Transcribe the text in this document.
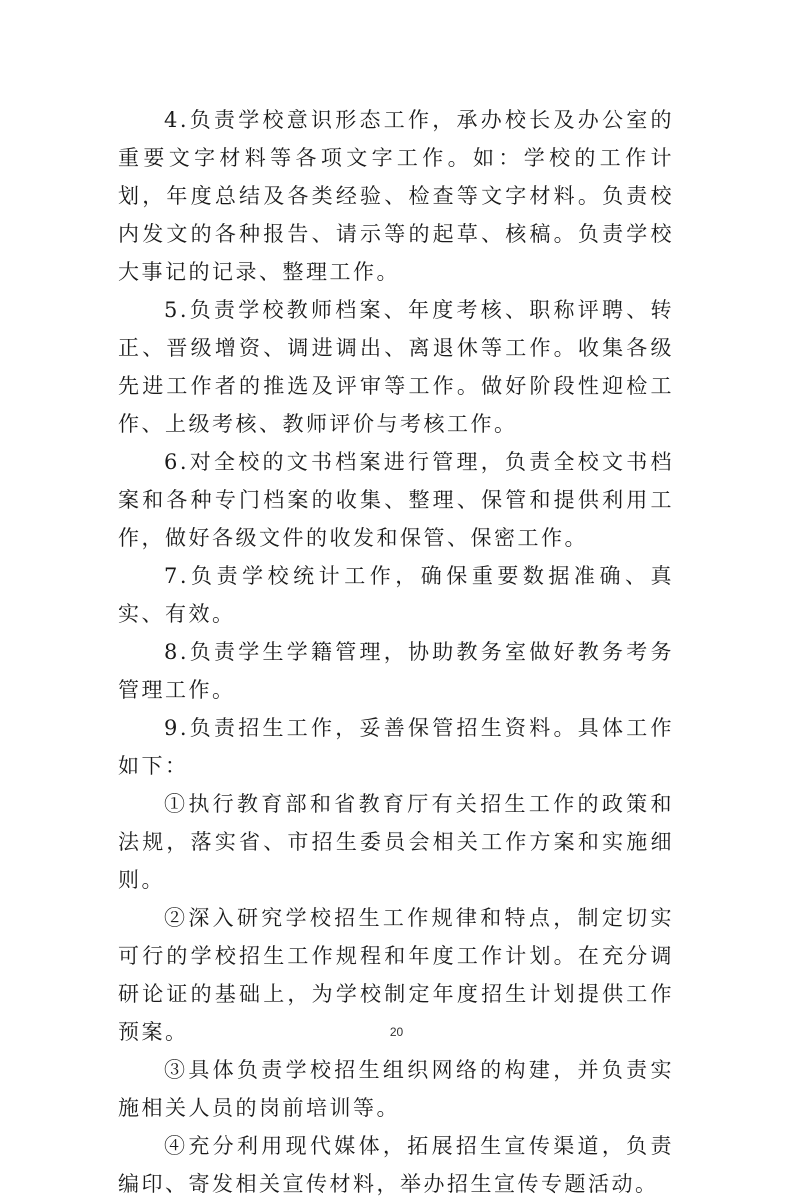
4.负责学校意识形态工作，承办校长及办公室的重要文字材料等各项文字工作。如：学校的工作计划，年度总结及各类经验、检查等文字材料。负责校内发文的各种报告、请示等的起草、核稿。负责学校大事记的记录、整理工作。

5.负责学校教师档案、年度考核、职称评聘、转正、晋级增资、调进调出、离退休等工作。收集各级先进工作者的推选及评审等工作。做好阶段性迎检工作、上级考核、教师评价与考核工作。

6.对全校的文书档案进行管理，负责全校文书档案和各种专门档案的收集、整理、保管和提供利用工作，做好各级文件的收发和保管、保密工作。

7.负责学校统计工作，确保重要数据准确、真实、有效。

8.负责学生学籍管理，协助教务室做好教务考务管理工作。

9.负责招生工作，妥善保管招生资料。具体工作如下：

①执行教育部和省教育厅有关招生工作的政策和法规，落实省、市招生委员会相关工作方案和实施细则。

②深入研究学校招生工作规律和特点，制定切实可行的学校招生工作规程和年度工作计划。在充分调研论证的基础上，为学校制定年度招生计划提供工作预案。

③具体负责学校招生组织网络的构建，并负责实施相关人员的岗前培训等。

④充分利用现代媒体，拓展招生宣传渠道，负责编印、寄发相关宣传材料，举办招生宣传专题活动。

20
